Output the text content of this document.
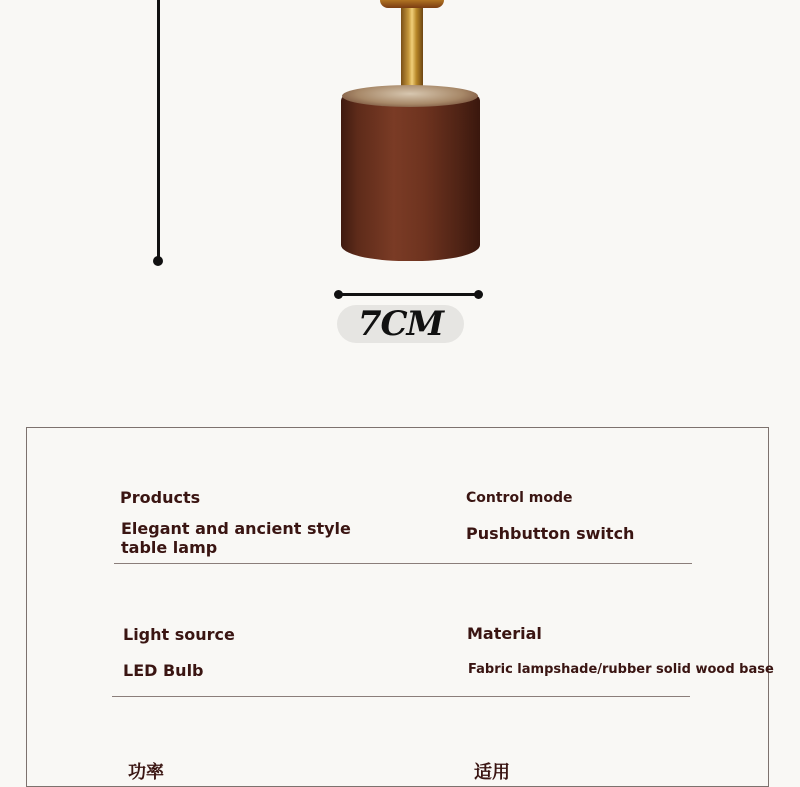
7CM
Products
Elegant and ancient style table lamp
Control mode
Pushbutton switch
Light source
LED Bulb
Material
Fabric lampshade/rubber solid wood base
功率	适用
